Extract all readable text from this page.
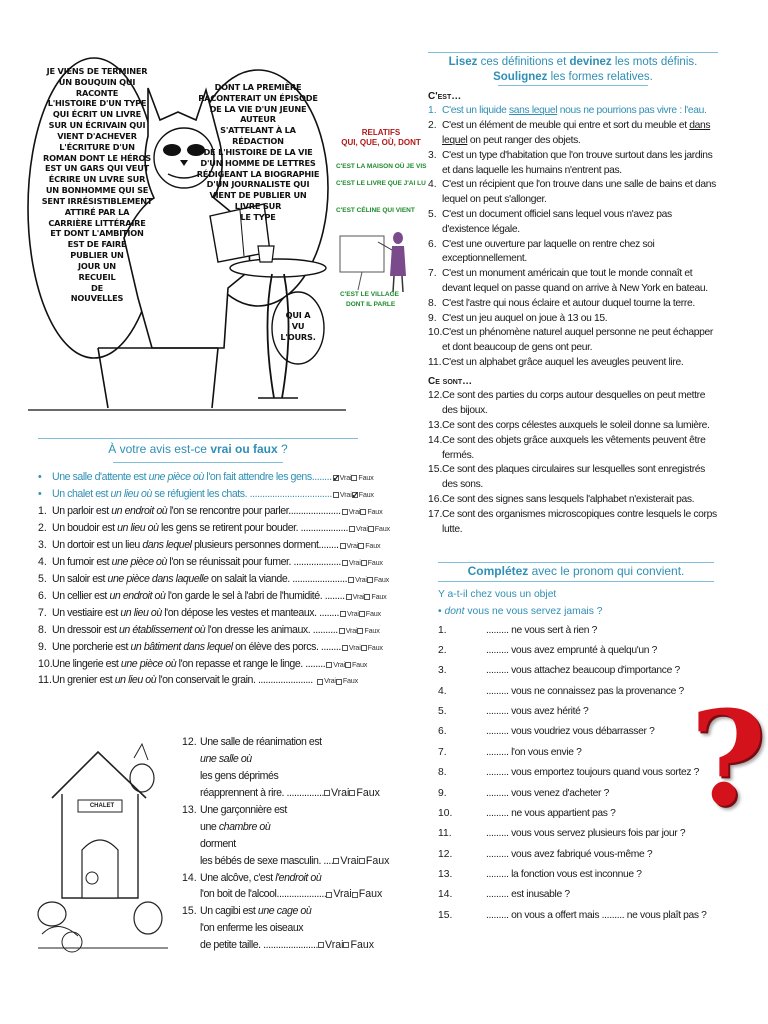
JE VIENS DE TERMINER
UN BOUQUIN QUI RACONTE
L'HISTOIRE D'UN TYPE
QUI ÉCRIT UN LIVRE
SUR UN ÉCRIVAIN QUI
VIENT D'ACHEVER
L'ÉCRITURE D'UN
ROMAN DONT LE HÉROS
EST UN GARS QUI VEUT
ÉCRIRE UN LIVRE SUR
UN BONHOMME QUI SE
SENT IRRÉSISTIBLEMENT
ATTIRÉ PAR LA
CARRIÈRE LITTÉRAIRE
ET DONT L'AMBITION
EST DE FAIRE
PUBLIER UN
JOUR UN
RECUEIL
DE
NOUVELLES
DONT LA PREMIÈRE
RACONTERAIT UN ÉPISODE
DE LA VIE D'UN JEUNE AUTEUR
S'ATTELANT À LA RÉDACTION
DE L'HISTOIRE DE LA VIE
D'UN HOMME DE LETTRES
RÉDIGEANT LA BIOGRAPHIE
D'UN JOURNALISTE QUI
VIENT DE PUBLIER UN
LIVRE SUR
LE TYPE
QUI A
VU
L'OURS.
RELATIFS
QUI, QUE, OÙ, DONT
C'EST LA MAISON OÙ JE VIS
C'EST LE LIVRE QUE J'AI LU
C'EST CÉLINE QUI VIENT
C'EST LE VILLAGE
DONT IL PARLE
Lisez ces définitions et devinez les mots définis.
Soulignez les formes relatives.
C'est…
1. C'est un liquide sans lequel nous ne pourrions pas vivre : l'eau.
2. C'est un élément de meuble qui entre et sort du meuble et dans lequel on peut ranger des objets.
3. C'est un type d'habitation que l'on trouve surtout dans les jardins et dans laquelle les humains n'entrent pas.
4. C'est un récipient que l'on trouve dans une salle de bains et dans lequel on peut s'allonger.
5. C'est un document officiel sans lequel vous n'avez pas d'existence légale.
6. C'est une ouverture par laquelle on rentre chez soi exceptionnellement.
7. C'est un monument américain que tout le monde connaît et devant lequel on passe quand on arrive à New York en bateau.
8. C'est l'astre qui nous éclaire et autour duquel tourne la terre.
9. C'est un jeu auquel on joue à 13 ou 15.
10. C'est un phénomène naturel auquel personne ne peut échapper et dont beaucoup de gens ont peur.
11. C'est un alphabet grâce auquel les aveugles peuvent lire.
Ce sont…
12. Ce sont des parties du corps autour desquelles on peut mettre des bijoux.
13. Ce sont des corps célestes auxquels le soleil donne sa lumière.
14. Ce sont des objets grâce auxquels les vêtements peuvent être fermés.
15. Ce sont des plaques circulaires sur lesquelles sont enregistrés des sons.
16. Ce sont des signes sans lesquels l'alphabet n'existerait pas.
17. Ce sont des organismes microscopiques contre lesquels le corps lutte.
À votre avis est-ce vrai ou faux ?
• Une salle d'attente est une pièce où l'on fait attendre les gens........ ✓	Vrai Faux
• Un chalet est un lieu où se réfugient les chats. .................................	Vrai ✓ Faux
1. Un parloir est un endroit où l'on se rencontre pour parler.....................	Vrai Faux
2. Un boudoir est un lieu où les gens se retirent pour bouder. ...................	Vrai Faux
3. Un dortoir est un lieu dans lequel plusieurs personnes dorment........	Vrai Faux
4. Un fumoir est une pièce où l'on se réunissait pour fumer. ...................	Vrai Faux
5. Un saloir est une pièce dans laquelle on salait la viande. ......................	Vrai Faux
6. Un cellier est un endroit où l'on garde le sel à l'abri de l'humidité. ........	Vrai Faux
7. Un vestiaire est un lieu où l'on dépose les vestes et manteaux. ........	Vrai Faux
8. Un dressoir est un établissement où l'on dresse les animaux. ..........	Vrai Faux
9. Une porcherie est un bâtiment dans lequel on élève des porcs. ........	Vrai Faux
10. Une lingerie est une pièce où l'on repasse et range le linge. ........	Vrai Faux
11. Un grenier est un lieu où l'on conservait le grain. ......................	Vrai Faux
CHALET
12. Une salle de réanimation est
une salle où
les gens déprimés
réapprennent à rire. ............... Vrai Faux
13. Une garçonnière est
une chambre où
dorment
les bébés de sexe masculin. .... Vrai Faux
14. Une alcôve, c'est l'endroit où
l'on boit de l'alcool.................... Vrai Faux
15. Un cagibi est une cage où
l'on enferme les oiseaux
de petite taille. ...................... Vrai Faux
Complétez avec le pronom qui convient.
Y a-t-il chez vous un objet
• dont vous ne vous servez jamais ?
1.	......... ne vous sert à rien ?
2.	......... vous avez emprunté à quelqu'un ?
3.	......... vous attachez beaucoup d'importance ?
4.	......... vous ne connaissez pas la provenance ?
5.	......... vous avez hérité ?
6.	......... vous voudriez vous débarrasser ?
7.	......... l'on vous envie ?
8.	......... vous emportez toujours quand vous sortez ?
9.	......... vous venez d'acheter ?
10.	......... ne vous appartient pas ?
11.	......... vous vous servez plusieurs fois par jour ?
12.	......... vous avez fabriqué vous-même ?
13.	......... la fonction vous est inconnue ?
14.	......... est inusable ?
15.	......... on vous a offert mais ......... ne vous plaît pas ?
?
